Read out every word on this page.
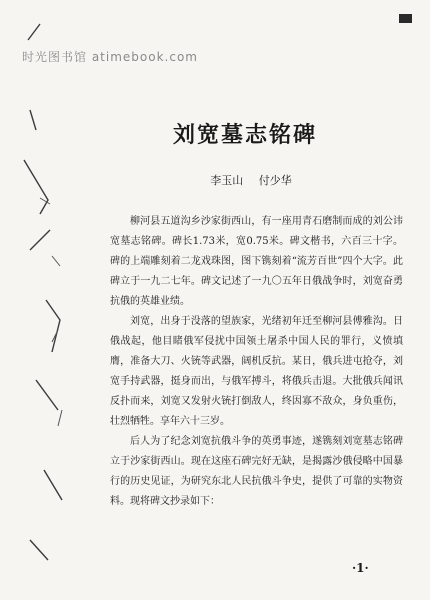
时光图书馆 atimebook.com
刘宽墓志铭碑
李玉山 付少华

柳河县五道沟乡沙家街西山，有一座用青石磨制而成的刘公讳宽墓志铭碑。碑长1.73米，宽0.75米。碑文楷书，六百三十字。碑的上端雕刻着二龙戏珠图，图下镌刻着“流芳百世”四个大字。此碑立于一九二七年。碑文记述了一九〇五年日俄战争时，刘宽奋勇抗俄的英雄业绩。

刘宽，出身于没落的望族家，光绪初年迁至柳河县傅雅沟。日俄战起，他目睹俄军侵扰中国领土屠杀中国人民的罪行，义愤填膺，准备大刀、火铳等武器，阔机反抗。某日，俄兵进屯抢夺，刘宽手持武器，挺身而出，与俄军搏斗，将俄兵击退。大批俄兵闻讯反扑而来，刘宽又发射火铳打倒敌人，终因寡不敌众，身负重伤，壮烈牺牲。享年六十三岁。

后人为了纪念刘宽抗俄斗争的英勇事迹，遂镌刻刘宽墓志铭碑立于沙家街西山。现在这座石碑完好无缺，是揭露沙俄侵略中国暴行的历史见证，为研究东北人民抗俄斗争史，提供了可靠的实物资料。现将碑文抄录如下：

·1·
